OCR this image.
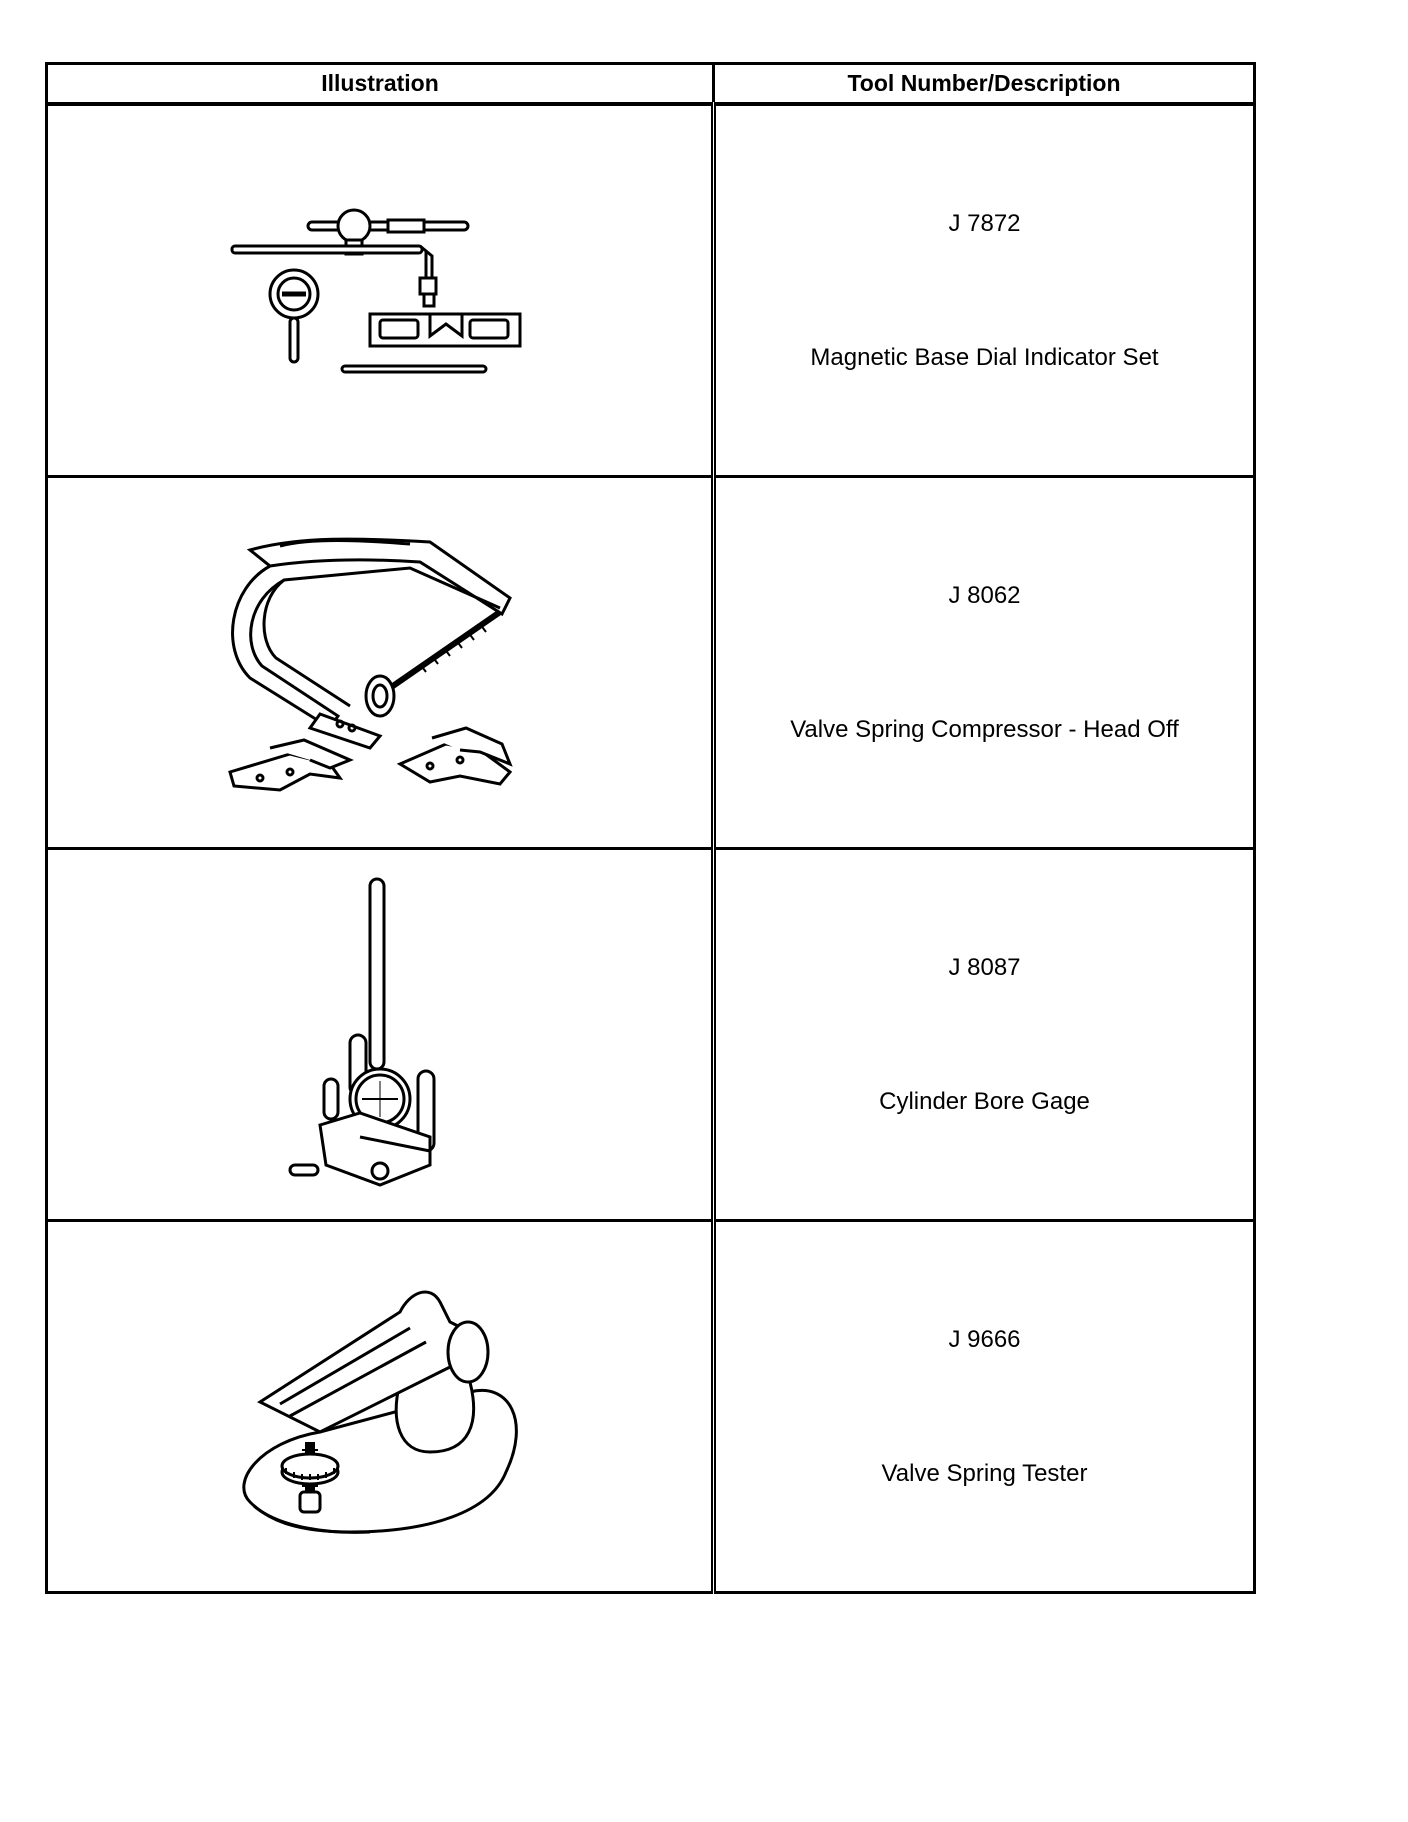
Illustration	Tool Number/Description

J 7872
Magnetic Base Dial Indicator Set

J 8062
Valve Spring Compressor - Head Off

J 8087
Cylinder Bore Gage

J 9666
Valve Spring Tester
